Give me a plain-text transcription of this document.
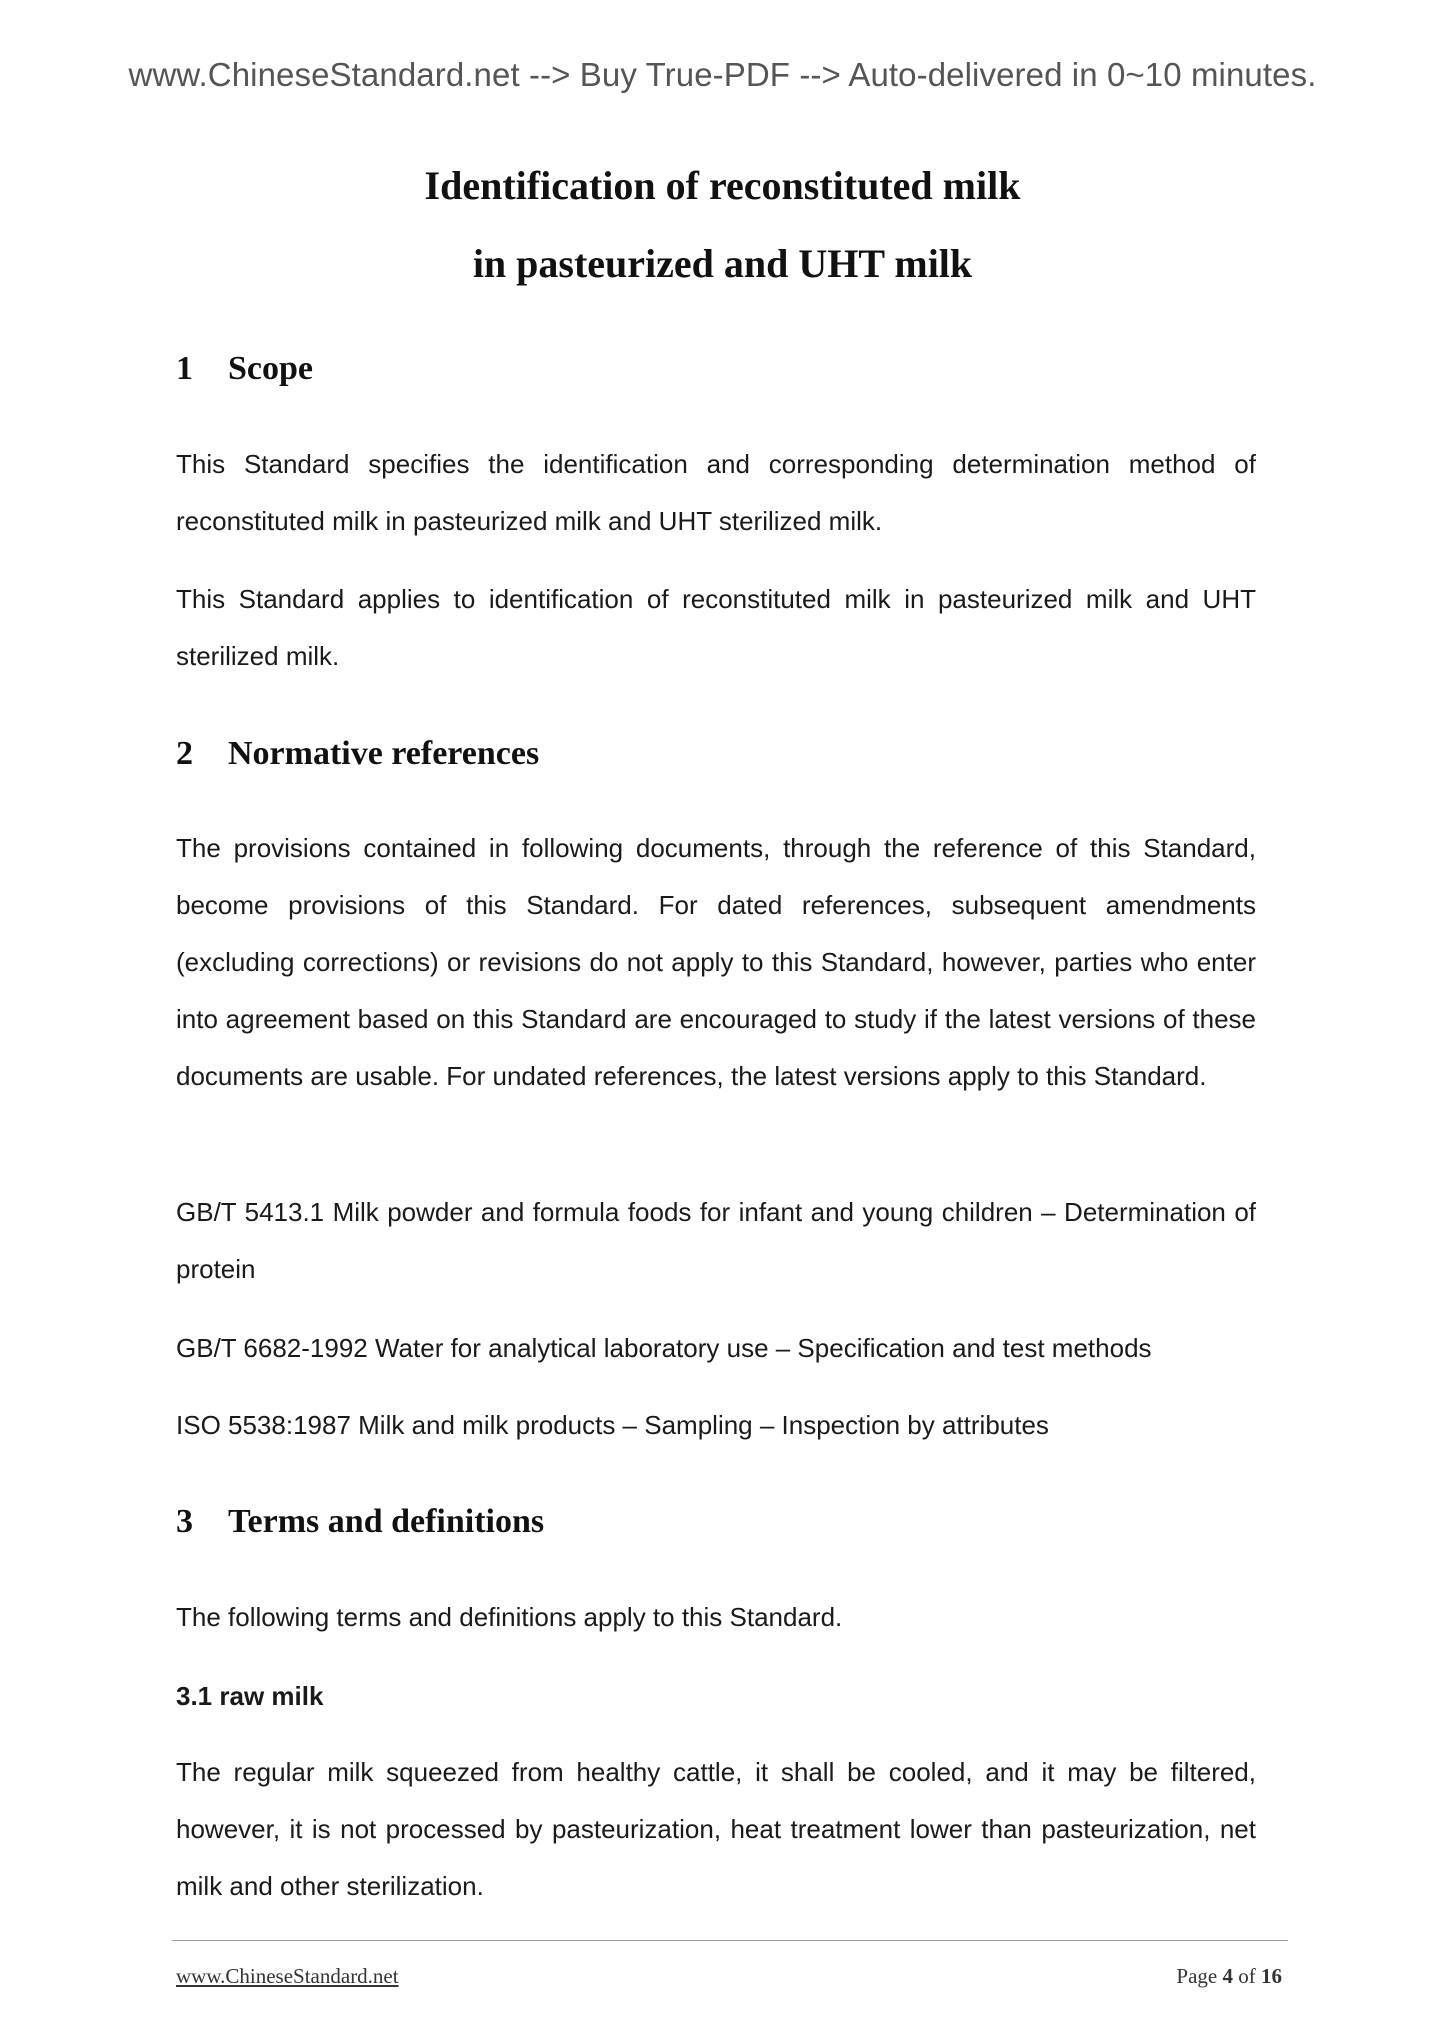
www.ChineseStandard.net --> Buy True-PDF --> Auto-delivered in 0~10 minutes.
Identification of reconstituted milk
in pasteurized and UHT milk
1 Scope
This Standard specifies the identification and corresponding determination method of reconstituted milk in pasteurized milk and UHT sterilized milk.
This Standard applies to identification of reconstituted milk in pasteurized milk and UHT sterilized milk.
2 Normative references
The provisions contained in following documents, through the reference of this Standard, become provisions of this Standard. For dated references, subsequent amendments (excluding corrections) or revisions do not apply to this Standard, however, parties who enter into agreement based on this Standard are encouraged to study if the latest versions of these documents are usable. For undated references, the latest versions apply to this Standard.
GB/T 5413.1 Milk powder and formula foods for infant and young children – Determination of protein
GB/T 6682-1992 Water for analytical laboratory use – Specification and test methods
ISO 5538:1987 Milk and milk products – Sampling – Inspection by attributes
3 Terms and definitions
The following terms and definitions apply to this Standard.
3.1 raw milk
The regular milk squeezed from healthy cattle, it shall be cooled, and it may be filtered, however, it is not processed by pasteurization, heat treatment lower than pasteurization, net milk and other sterilization.
www.ChineseStandard.net	Page 4 of 16
